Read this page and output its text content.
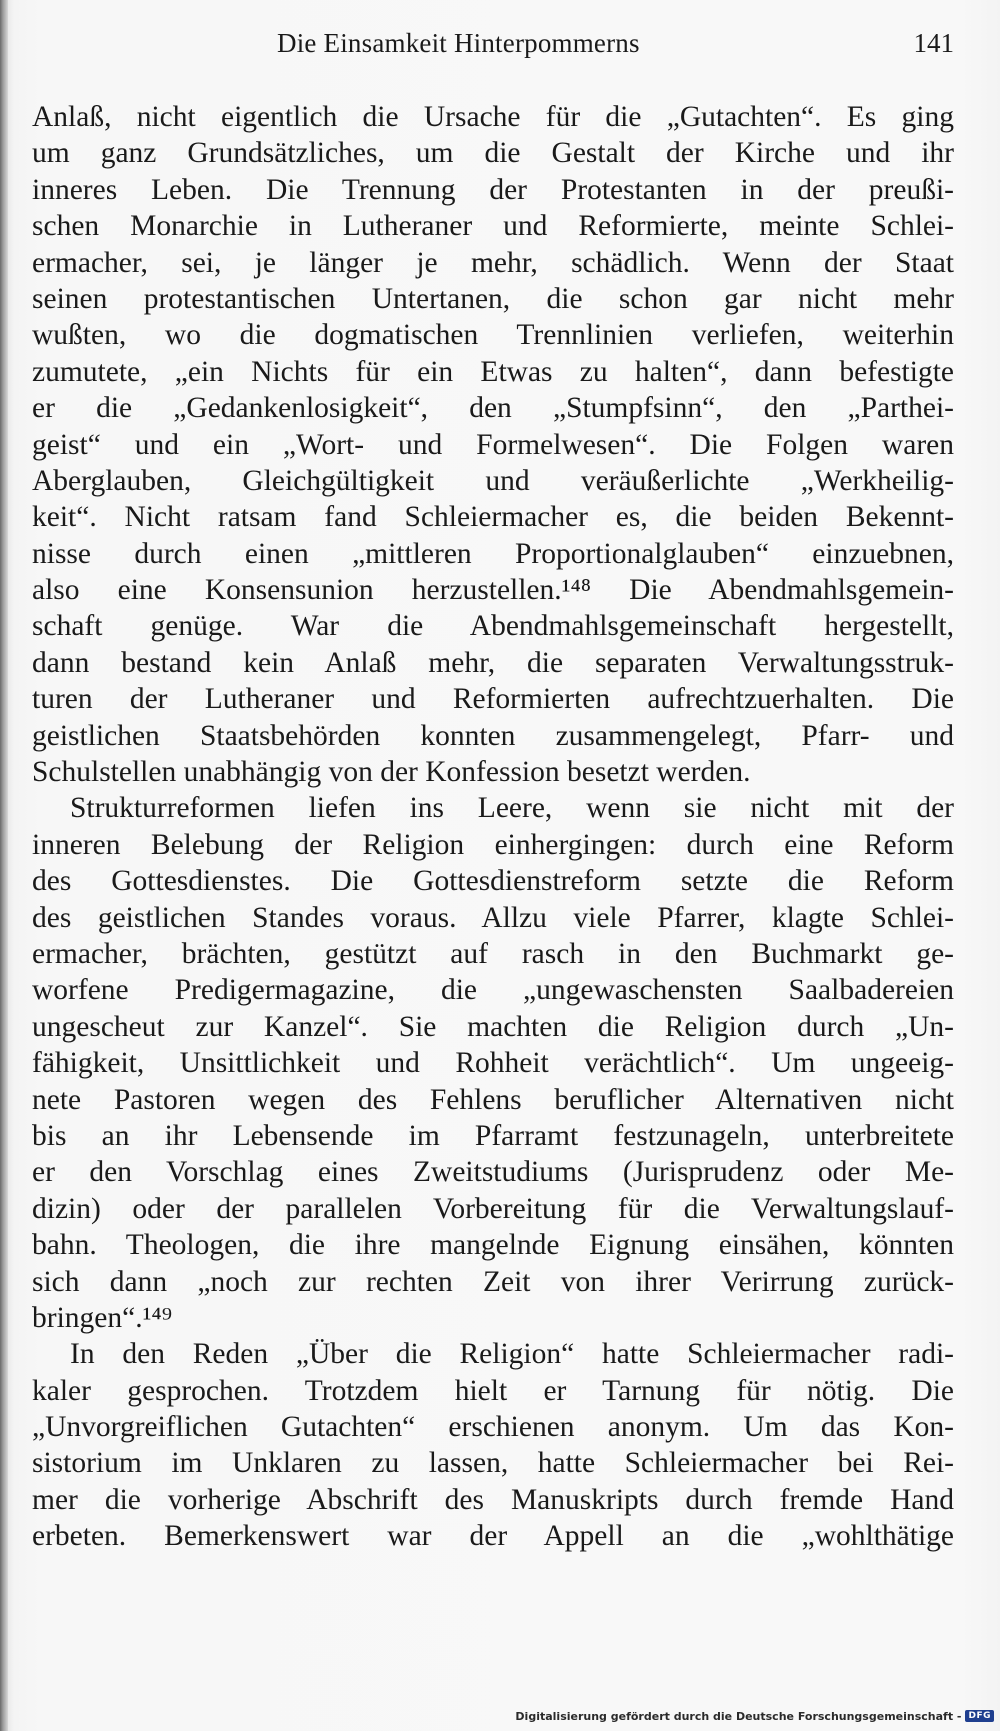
Die Einsamkeit Hinterpommerns	141
Anlaß, nicht eigentlich die Ursache für die „Gutachten“. Es ging
um ganz Grundsätzliches, um die Gestalt der Kirche und ihr
inneres Leben. Die Trennung der Protestanten in der preußi-
schen Monarchie in Lutheraner und Reformierte, meinte Schlei-
ermacher, sei, je länger je mehr, schädlich. Wenn der Staat
seinen protestantischen Untertanen, die schon gar nicht mehr
wußten, wo die dogmatischen Trennlinien verliefen, weiterhin
zumutete, „ein Nichts für ein Etwas zu halten“, dann befestigte
er die „Gedankenlosigkeit“, den „Stumpfsinn“, den „Parthei-
geist“ und ein „Wort- und Formelwesen“. Die Folgen waren
Aberglauben, Gleichgültigkeit und veräußerlichte „Werkheilig-
keit“. Nicht ratsam fand Schleiermacher es, die beiden Bekennt-
nisse durch einen „mittleren Proportionalglauben“ einzuebnen,
also eine Konsensunion herzustellen.¹⁴⁸ Die Abendmahlsgemein-
schaft genüge. War die Abendmahlsgemeinschaft hergestellt,
dann bestand kein Anlaß mehr, die separaten Verwaltungsstruk-
turen der Lutheraner und Reformierten aufrechtzuerhalten. Die
geistlichen Staatsbehörden konnten zusammengelegt, Pfarr- und
Schulstellen unabhängig von der Konfession besetzt werden.
Strukturreformen liefen ins Leere, wenn sie nicht mit der
inneren Belebung der Religion einhergingen: durch eine Reform
des Gottesdienstes. Die Gottesdienstreform setzte die Reform
des geistlichen Standes voraus. Allzu viele Pfarrer, klagte Schlei-
ermacher, brächten, gestützt auf rasch in den Buchmarkt ge-
worfene Predigermagazine, die „ungewaschensten Saalbadereien
ungescheut zur Kanzel“. Sie machten die Religion durch „Un-
fähigkeit, Unsittlichkeit und Rohheit verächtlich“. Um ungeeig-
nete Pastoren wegen des Fehlens beruflicher Alternativen nicht
bis an ihr Lebensende im Pfarramt festzunageln, unterbreitete
er den Vorschlag eines Zweitstudiums (Jurisprudenz oder Me-
dizin) oder der parallelen Vorbereitung für die Verwaltungslauf-
bahn. Theologen, die ihre mangelnde Eignung einsähen, könnten
sich dann „noch zur rechten Zeit von ihrer Verirrung zurück-
bringen“.¹⁴⁹
In den Reden „Über die Religion“ hatte Schleiermacher radi-
kaler gesprochen. Trotzdem hielt er Tarnung für nötig. Die
„Unvorgreiflichen Gutachten“ erschienen anonym. Um das Kon-
sistorium im Unklaren zu lassen, hatte Schleiermacher bei Rei-
mer die vorherige Abschrift des Manuskripts durch fremde Hand
erbeten. Bemerkenswert war der Appell an die „wohlthätige
Digitalisierung gefördert durch die Deutsche Forschungsgemeinschaft - DFG
